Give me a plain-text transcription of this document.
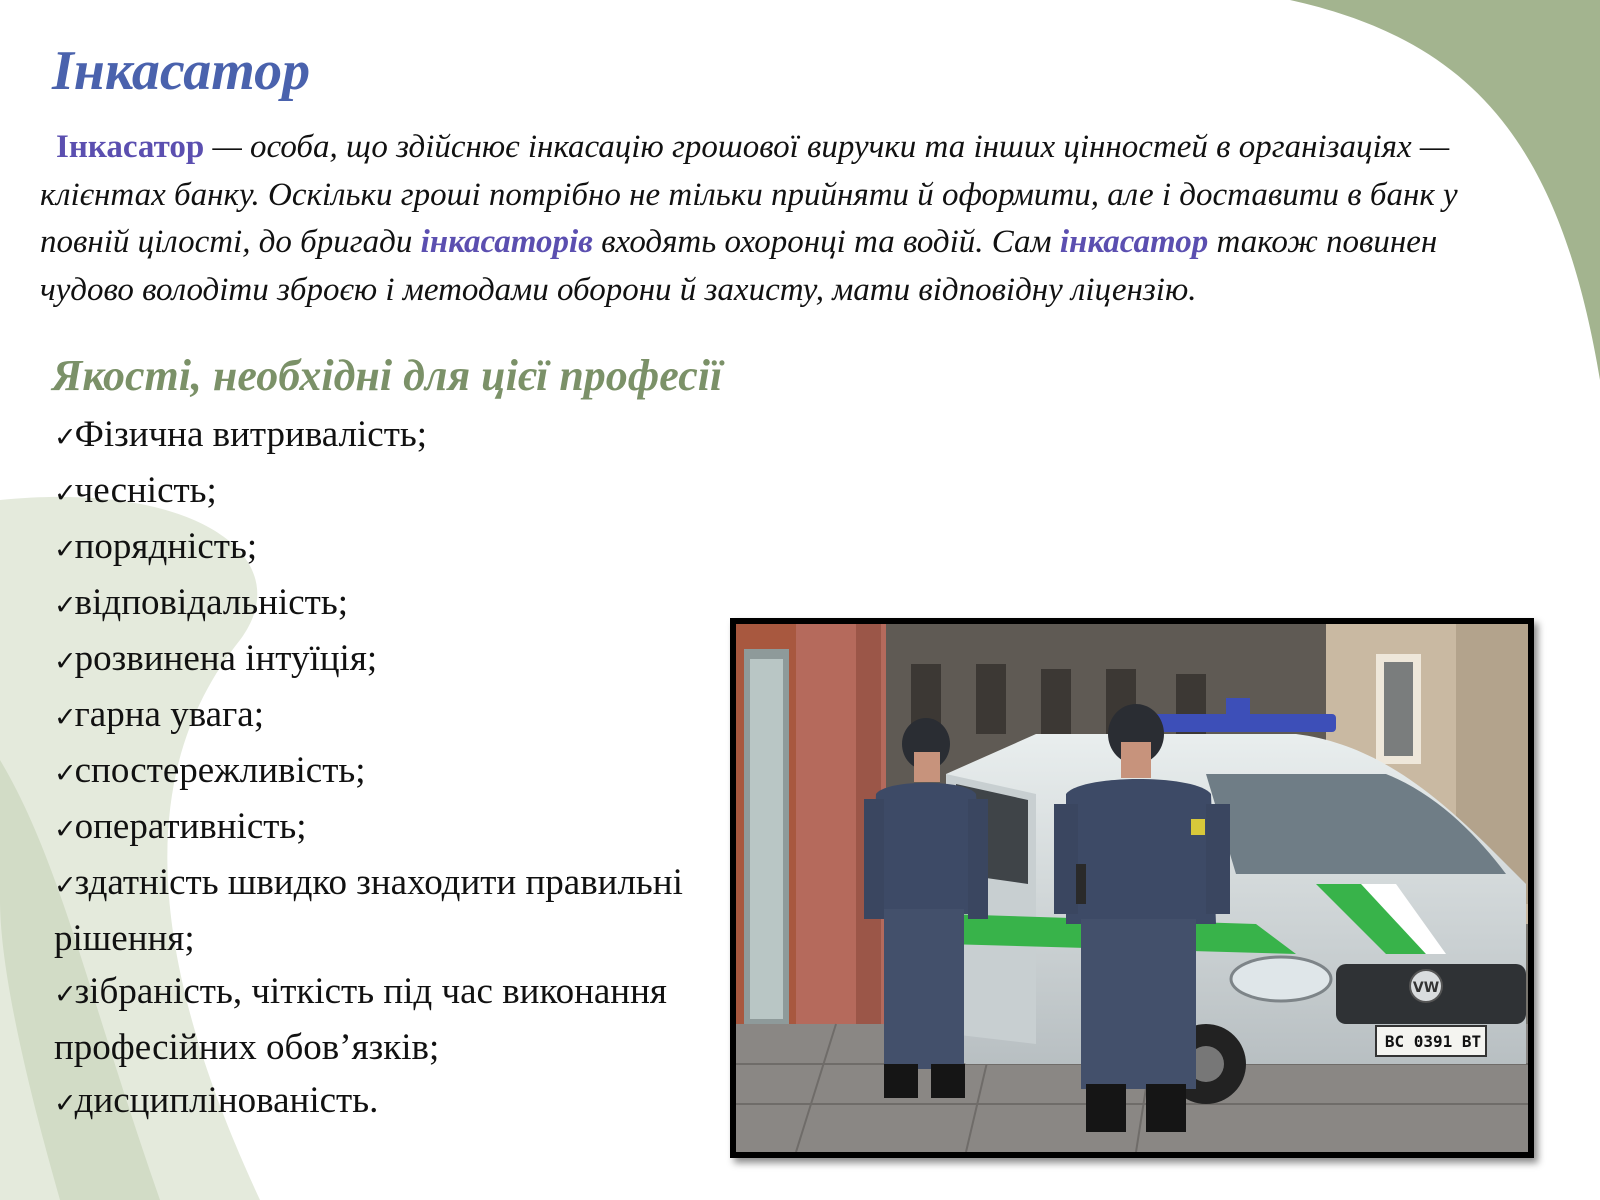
Інкасатор

Інкасатор — особа, що здійснює інкасацію грошової виручки та інших цінностей в організаціях — клієнтах банку. Оскільки гроші потрібно не тільки прийняти й оформити, але і доставити в банк у повній цілості, до бригади інкасаторів входять охоронці та водій. Сам інкасатор також повинен чудово володіти зброєю і методами оборони й захисту, мати відповідну ліцензію.

Якості, необхідні для цієї професії
✓Фізична витривалість;
✓чесність;
✓порядність;
✓відповідальність;
✓розвинена інтуїція;
✓гарна увага;
✓спостережливість;
✓оперативність;
✓здатність швидко знаходити правильні рішення;
✓зібраність, чіткість під час виконання професійних обов’язків;
✓дисциплінованість.
VW
ВС 0391 ВТ
